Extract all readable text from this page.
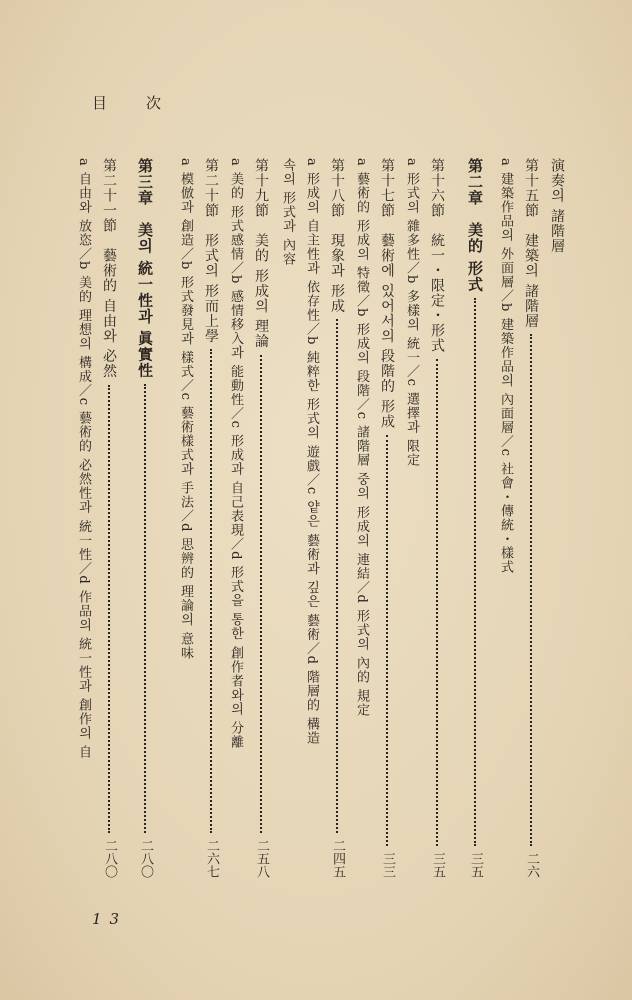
目　次
演奏의 諸階層
第十五節　建築의 諸階層
二六
a 建築作品의 外面層／b 建築作品의 內面層／c 社會・傳統・樣式
第二章　美的 形式
三五
第十六節　統一・限定・形式
三五
a 形式의 雜多性／b 多樣의 統一／c 選擇과 限定
第十七節　藝術에 있어서의 段階的 形成
三三
a 藝術的 形成의 特徵／b 形成의 段階／c 諸階層 중의 形成의 連結／d 形式의 內的 規定
第十八節　現象과 形成
二四五
a 形成의 自主性과 依存性／b 純粹한 形式의 遊戲／c 얕은 藝術과 깊은 藝術／d 階層的 構造
속의 形式과 內容
第十九節　美的 形成의 理論
二五八
a 美的 形式感情／b 感情移入과 能動性／c 形成과 自己表現／d 形式을 통한 創作者와의 分離
第二十節　形式의 形而上學
二六七
a 模倣과 創造／b 形式發見과 樣式／c 藝術樣式과 手法／d 思辨的 理論의 意味
第三章　美의 統一性과 眞實性
二八〇
第二十一節　藝術的 自由와 必然
二八〇
a 自由와 放恣／b 美的 理想의 構成／c 藝術的 必然性과 統一性／d 作品의 統一性과 創作의 自
13
